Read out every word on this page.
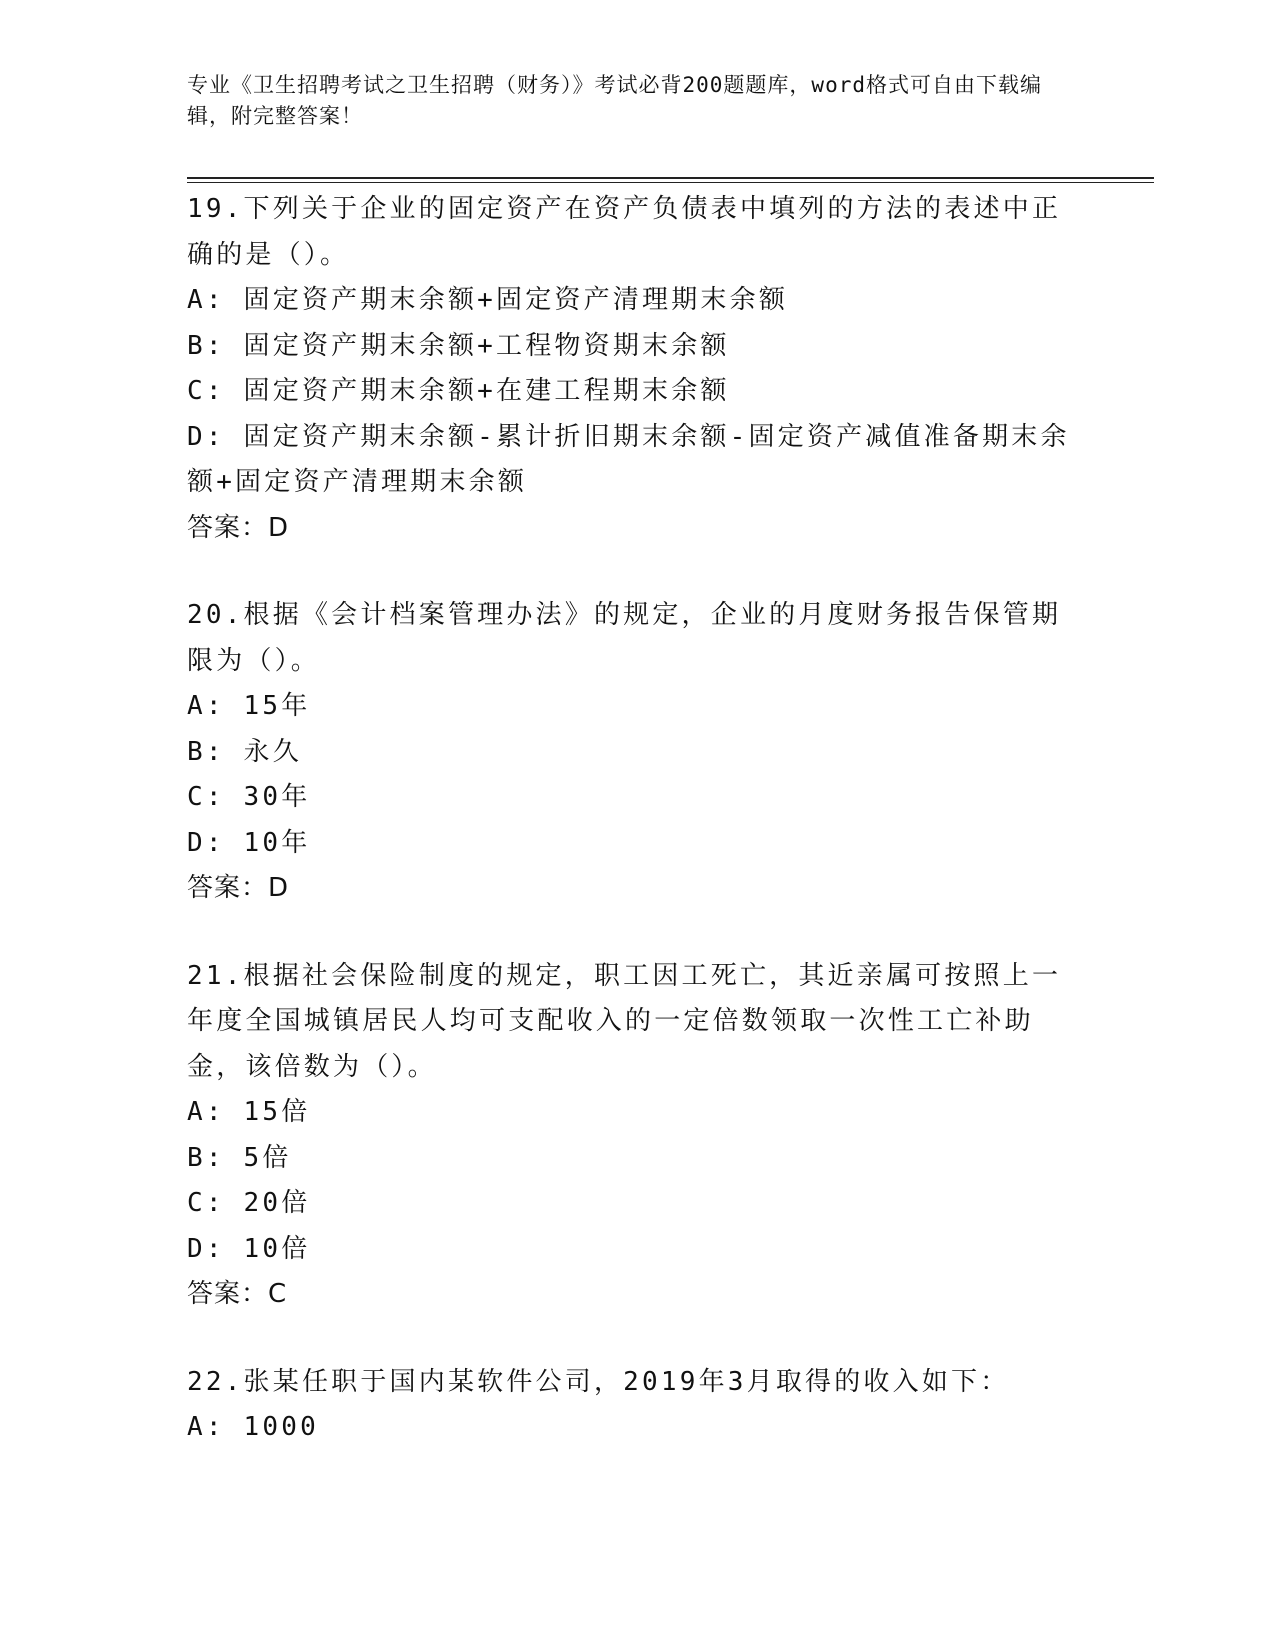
专业《卫生招聘考试之卫生招聘（财务）》考试必背200题题库，word格式可自由下载编辑，附完整答案！
19.下列关于企业的固定资产在资产负债表中填列的方法的表述中正确的是（）。
A: 固定资产期末余额+固定资产清理期末余额
B: 固定资产期末余额+工程物资期末余额
C: 固定资产期末余额+在建工程期末余额
D: 固定资产期末余额-累计折旧期末余额-固定资产减值准备期末余额+固定资产清理期末余额
答案：D
20.根据《会计档案管理办法》的规定，企业的月度财务报告保管期限为（）。
A: 15年
B: 永久
C: 30年
D: 10年
答案：D
21.根据社会保险制度的规定，职工因工死亡，其近亲属可按照上一年度全国城镇居民人均可支配收入的一定倍数领取一次性工亡补助金，该倍数为（）。
A: 15倍
B: 5倍
C: 20倍
D: 10倍
答案：C
22.张某任职于国内某软件公司，2019年3月取得的收入如下：
A: 1000
